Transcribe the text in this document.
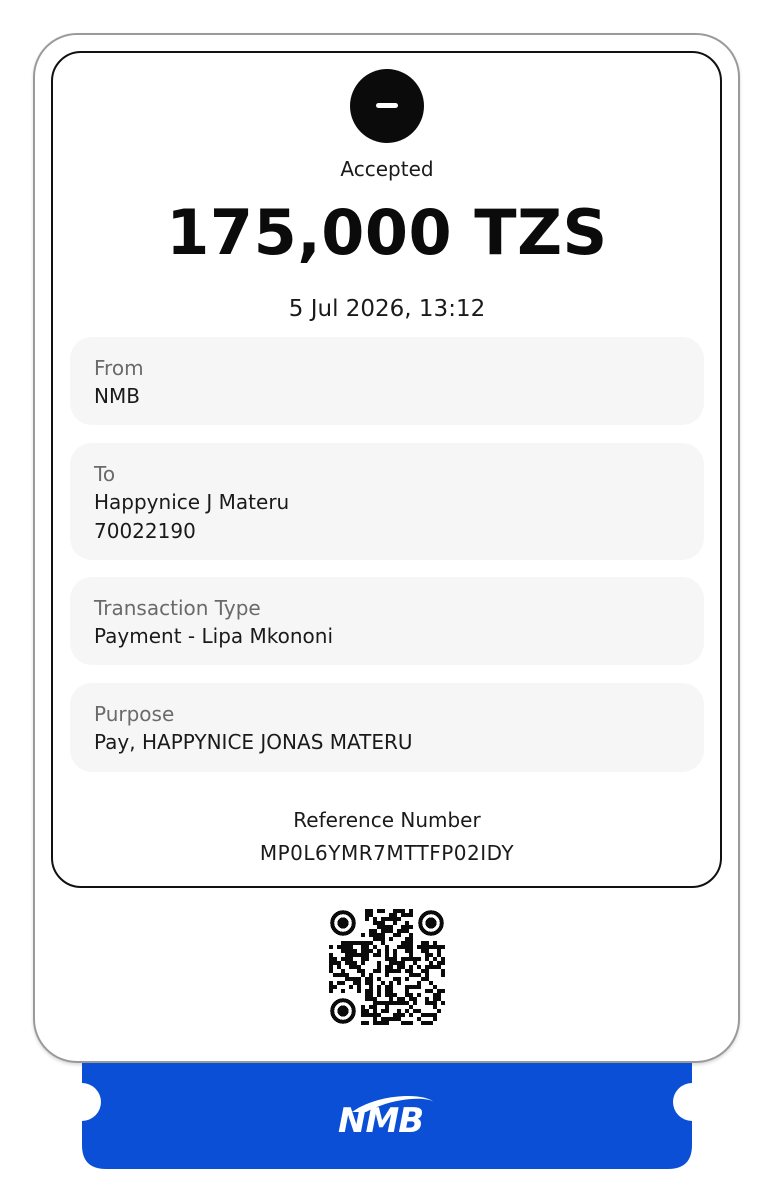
Accepted
175,000 TZS
5 Jul 2026, 13:12
From
NMB
To
Happynice J Materu
70022190
Transaction Type
Payment - Lipa Mkononi
Purpose
Pay, HAPPYNICE JONAS MATERU
Reference Number
MP0L6YMR7MTTFP02IDY
NMB
